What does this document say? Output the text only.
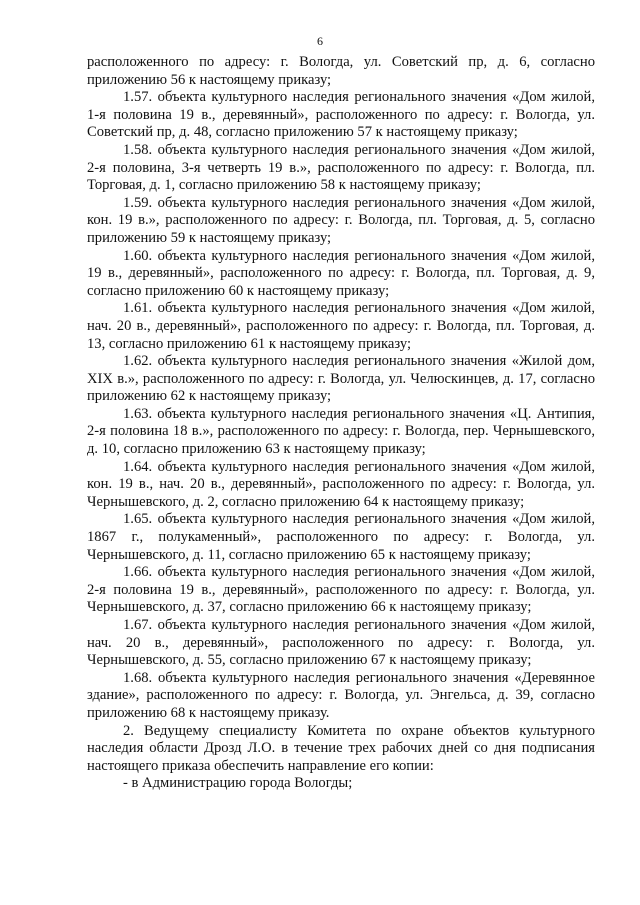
6

расположенного по адресу: г. Вологда, ул. Советский пр, д. 6, согласно приложению 56 к настоящему приказу;

1.57. объекта культурного наследия регионального значения «Дом жилой, 1-я половина 19 в., деревянный», расположенного по адресу: г. Вологда, ул. Советский пр, д. 48, согласно приложению 57 к настоящему приказу;

1.58. объекта культурного наследия регионального значения «Дом жилой, 2-я половина, 3-я четверть 19 в.», расположенного по адресу: г. Вологда, пл. Торговая, д. 1, согласно приложению 58 к настоящему приказу;

1.59. объекта культурного наследия регионального значения «Дом жилой, кон. 19 в.», расположенного по адресу: г. Вологда, пл. Торговая, д. 5, согласно приложению 59 к настоящему приказу;

1.60. объекта культурного наследия регионального значения «Дом жилой, 19 в., деревянный», расположенного по адресу: г. Вологда, пл. Торговая, д. 9, согласно приложению 60 к настоящему приказу;

1.61. объекта культурного наследия регионального значения «Дом жилой, нач. 20 в., деревянный», расположенного по адресу: г. Вологда, пл. Торговая, д. 13, согласно приложению 61 к настоящему приказу;

1.62. объекта культурного наследия регионального значения «Жилой дом, XIX в.», расположенного по адресу: г. Вологда, ул. Челюскинцев, д. 17, согласно приложению 62 к настоящему приказу;

1.63. объекта культурного наследия регионального значения «Ц. Антипия, 2-я половина 18 в.», расположенного по адресу: г. Вологда, пер. Чернышевского, д. 10, согласно приложению 63 к настоящему приказу;

1.64. объекта культурного наследия регионального значения «Дом жилой, кон. 19 в., нач. 20 в., деревянный», расположенного по адресу: г. Вологда, ул. Чернышевского, д. 2, согласно приложению 64 к настоящему приказу;

1.65. объекта культурного наследия регионального значения «Дом жилой, 1867 г., полукаменный», расположенного по адресу: г. Вологда, ул. Чернышевского, д. 11, согласно приложению 65 к настоящему приказу;

1.66. объекта культурного наследия регионального значения «Дом жилой, 2-я половина 19 в., деревянный», расположенного по адресу: г. Вологда, ул. Чернышевского, д. 37, согласно приложению 66 к настоящему приказу;

1.67. объекта культурного наследия регионального значения «Дом жилой, нач. 20 в., деревянный», расположенного по адресу: г. Вологда, ул. Чернышевского, д. 55, согласно приложению 67 к настоящему приказу;

1.68. объекта культурного наследия регионального значения «Деревянное здание», расположенного по адресу: г. Вологда, ул. Энгельса, д. 39, согласно приложению 68 к настоящему приказу.

2. Ведущему специалисту Комитета по охране объектов культурного наследия области Дрозд Л.О. в течение трех рабочих дней со дня подписания настоящего приказа обеспечить направление его копии:

- в Администрацию города Вологды;
